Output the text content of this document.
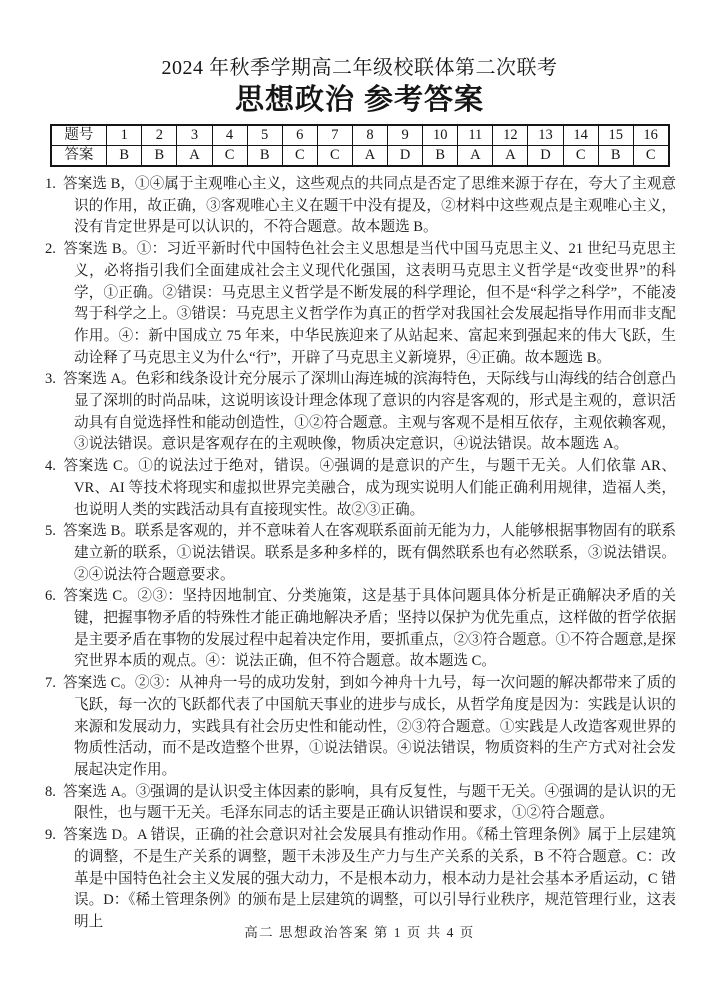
2024 年秋季学期高二年级校联体第二次联考
思想政治 参考答案
题号	1	2	3	4	5	6	7	8	9	10	11	12	13	14	15	16
答案	B	B	A	C	B	C	C	A	D	B	A	A	D	C	B	C
1. 答案选 B，①④属于主观唯心主义，这些观点的共同点是否定了思维来源于存在，夸大了主观意识的作用，故正确，③客观唯心主义在题干中没有提及，②材料中这些观点是主观唯心主义，没有肯定世界是可以认识的，不符合题意。故本题选 B。
2. 答案选 B。①：习近平新时代中国特色社会主义思想是当代中国马克思主义、21 世纪马克思主义，必将指引我们全面建成社会主义现代化强国，这表明马克思主义哲学是“改变世界”的科学，①正确。②错误：马克思主义哲学是不断发展的科学理论，但不是“科学之科学”，不能凌驾于科学之上。③错误：马克思主义哲学作为真正的哲学对我国社会发展起指导作用而非支配作用。④：新中国成立 75 年来，中华民族迎来了从站起来、富起来到强起来的伟大飞跃，生动诠释了马克思主义为什么“行”，开辟了马克思主义新境界，④正确。故本题选 B。
3. 答案选 A。色彩和线条设计充分展示了深圳山海连城的滨海特色，天际线与山海线的结合创意凸显了深圳的时尚品味，这说明该设计理念体现了意识的内容是客观的，形式是主观的，意识活动具有自觉选择性和能动创造性，①②符合题意。主观与客观不是相互依存，主观依赖客观，③说法错误。意识是客观存在的主观映像，物质决定意识，④说法错误。故本题选 A。
4. 答案选 C。①的说法过于绝对，错误。④强调的是意识的产生，与题干无关。人们依靠 AR、VR、AI 等技术将现实和虚拟世界完美融合，成为现实说明人们能正确利用规律，造福人类，也说明人类的实践活动具有直接现实性。故②③正确。
5. 答案选 B。联系是客观的，并不意味着人在客观联系面前无能为力，人能够根据事物固有的联系建立新的联系，①说法错误。联系是多种多样的，既有偶然联系也有必然联系，③说法错误。②④说法符合题意要求。
6. 答案选 C。②③：坚持因地制宜、分类施策，这是基于具体问题具体分析是正确解决矛盾的关键，把握事物矛盾的特殊性才能正确地解决矛盾；坚持以保护为优先重点，这样做的哲学依据是主要矛盾在事物的发展过程中起着决定作用，要抓重点，②③符合题意。①不符合题意,是探究世界本质的观点。④：说法正确，但不符合题意。故本题选 C。
7. 答案选 C。②③：从神舟一号的成功发射，到如今神舟十九号，每一次问题的解决都带来了质的飞跃，每一次的飞跃都代表了中国航天事业的进步与成长，从哲学角度是因为：实践是认识的来源和发展动力，实践具有社会历史性和能动性，②③符合题意。①实践是人改造客观世界的物质性活动，而不是改造整个世界，①说法错误。④说法错误，物质资料的生产方式对社会发展起决定作用。
8. 答案选 A。③强调的是认识受主体因素的影响，具有反复性，与题干无关。④强调的是认识的无限性，也与题干无关。毛泽东同志的话主要是正确认识错误和要求，①②符合题意。
9. 答案选 D。A 错误，正确的社会意识对社会发展具有推动作用。《稀土管理条例》属于上层建筑的调整，不是生产关系的调整，题干未涉及生产力与生产关系的关系，B 不符合题意。C：改革是中国特色社会主义发展的强大动力，不是根本动力，根本动力是社会基本矛盾运动，C 错误。D：《稀土管理条例》的颁布是上层建筑的调整，可以引导行业秩序，规范管理行业，这表明上
高二 思想政治答案 第 1 页 共 4 页
